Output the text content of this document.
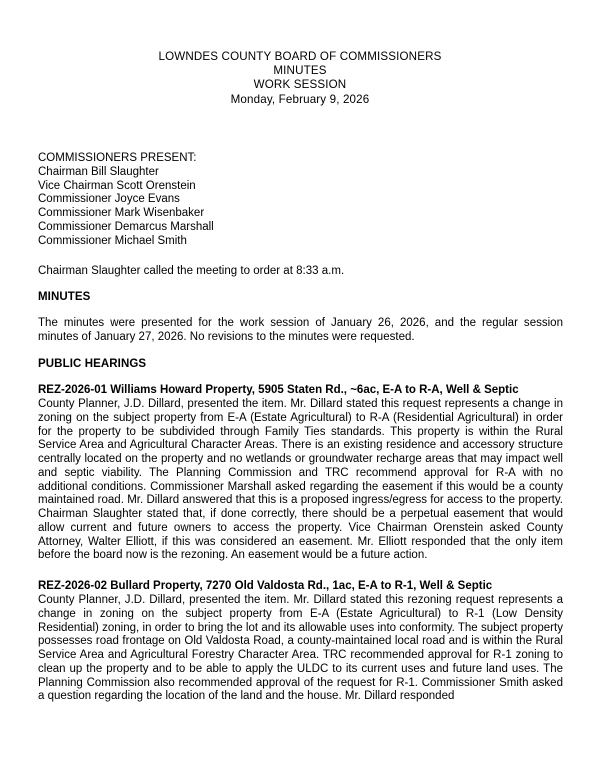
LOWNDES COUNTY BOARD OF COMMISSIONERS
MINUTES
WORK SESSION
Monday, February 9, 2026
COMMISSIONERS PRESENT:
Chairman Bill Slaughter
Vice Chairman Scott Orenstein
Commissioner Joyce Evans
Commissioner Mark Wisenbaker
Commissioner Demarcus Marshall
Commissioner Michael Smith

Chairman Slaughter called the meeting to order at 8:33 a.m.

MINUTES

The minutes were presented for the work session of January 26, 2026, and the regular session minutes of January 27, 2026. No revisions to the minutes were requested.

PUBLIC HEARINGS
REZ-2026-01 Williams Howard Property, 5905 Staten Rd., ~6ac, E-A to R-A, Well & Septic

County Planner, J.D. Dillard, presented the item. Mr. Dillard stated this request represents a change in zoning on the subject property from E-A (Estate Agricultural) to R-A (Residential Agricultural) in order for the property to be subdivided through Family Ties standards. This property is within the Rural Service Area and Agricultural Character Areas. There is an existing residence and accessory structure centrally located on the property and no wetlands or groundwater recharge areas that may impact well and septic viability. The Planning Commission and TRC recommend approval for R-A with no additional conditions. Commissioner Marshall asked regarding the easement if this would be a county maintained road. Mr. Dillard answered that this is a proposed ingress/egress for access to the property. Chairman Slaughter stated that, if done correctly, there should be a perpetual easement that would allow current and future owners to access the property. Vice Chairman Orenstein asked County Attorney, Walter Elliott, if this was considered an easement. Mr. Elliott responded that the only item before the board now is the rezoning. An easement would be a future action.

REZ-2026-02 Bullard Property, 7270 Old Valdosta Rd., 1ac, E-A to R-1, Well & Septic

County Planner, J.D. Dillard, presented the item. Mr. Dillard stated this rezoning request represents a change in zoning on the subject property from E-A (Estate Agricultural) to R-1 (Low Density Residential) zoning, in order to bring the lot and its allowable uses into conformity. The subject property possesses road frontage on Old Valdosta Road, a county-maintained local road and is within the Rural Service Area and Agricultural Forestry Character Area. TRC recommended approval for R-1 zoning to clean up the property and to be able to apply the ULDC to its current uses and future land uses. The Planning Commission also recommended approval of the request for R-1. Commissioner Smith asked a question regarding the location of the land and the house. Mr. Dillard responded
